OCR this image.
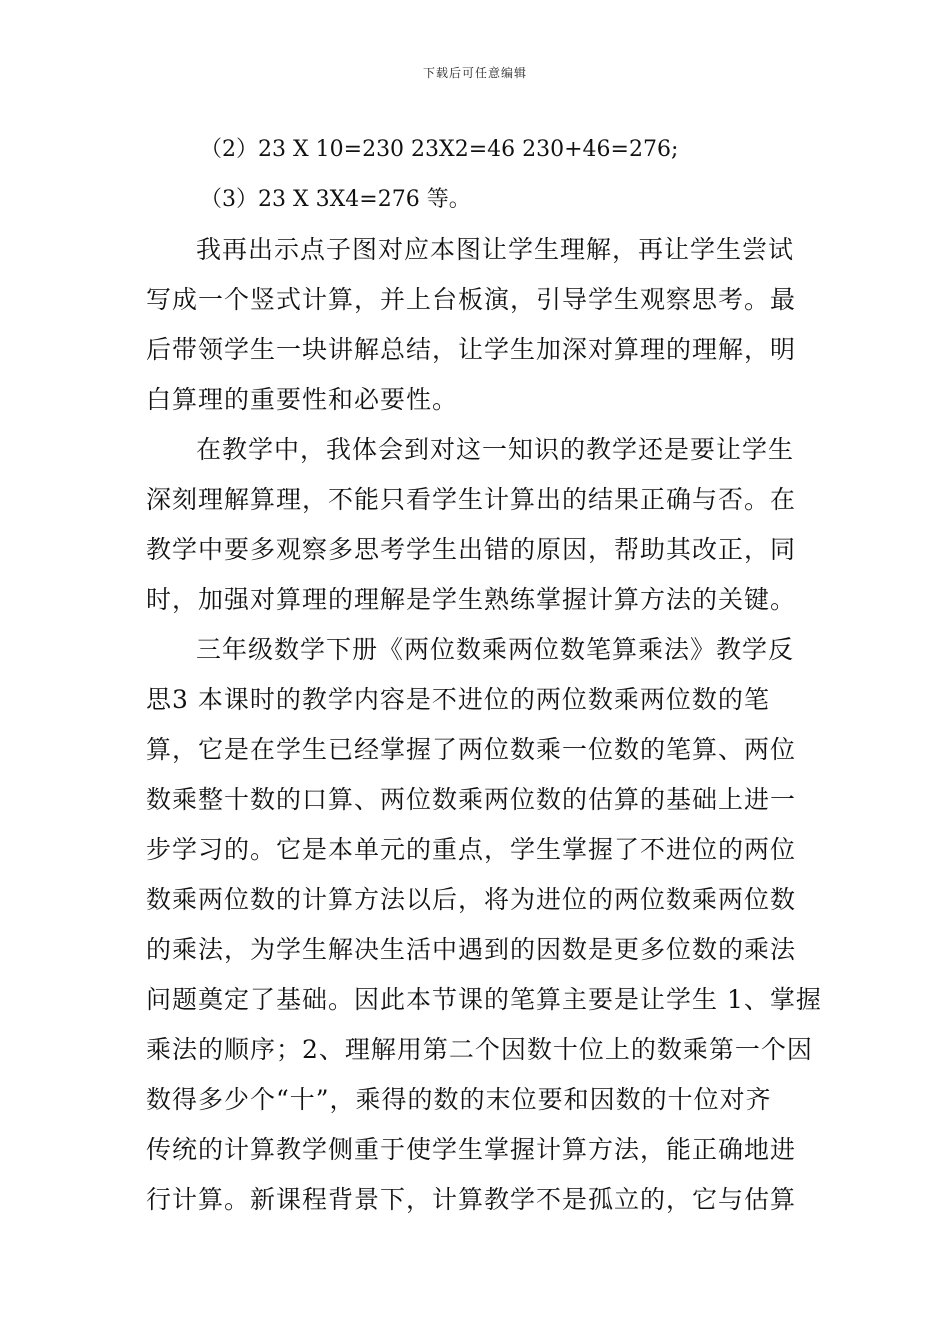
下载后可任意编辑
（2）23 X 10=230 23X2=46 230+46=276;
（3）23 X 3X4=276 等。
我再出示点子图对应本图让学生理解，再让学生尝试
写成一个竖式计算，并上台板演，引导学生观察思考。最
后带领学生一块讲解总结，让学生加深对算理的理解，明
白算理的重要性和必要性。
在教学中，我体会到对这一知识的教学还是要让学生
深刻理解算理，不能只看学生计算出的结果正确与否。在
教学中要多观察多思考学生出错的原因，帮助其改正，同
时，加强对算理的理解是学生熟练掌握计算方法的关键。
三年级数学下册《两位数乘两位数笔算乘法》教学反
思3 本课时的教学内容是不进位的两位数乘两位数的笔
算，它是在学生已经掌握了两位数乘一位数的笔算、两位
数乘整十数的口算、两位数乘两位数的估算的基础上进一
步学习的。它是本单元的重点，学生掌握了不进位的两位
数乘两位数的计算方法以后，将为进位的两位数乘两位数
的乘法，为学生解决生活中遇到的因数是更多位数的乘法
问题奠定了基础。因此本节课的笔算主要是让学生 1、掌握
乘法的顺序；2、理解用第二个因数十位上的数乘第一个因
数得多少个“十”，乘得的数的末位要和因数的十位对齐
传统的计算教学侧重于使学生掌握计算方法，能正确地进
行计算。新课程背景下，计算教学不是孤立的，它与估算
